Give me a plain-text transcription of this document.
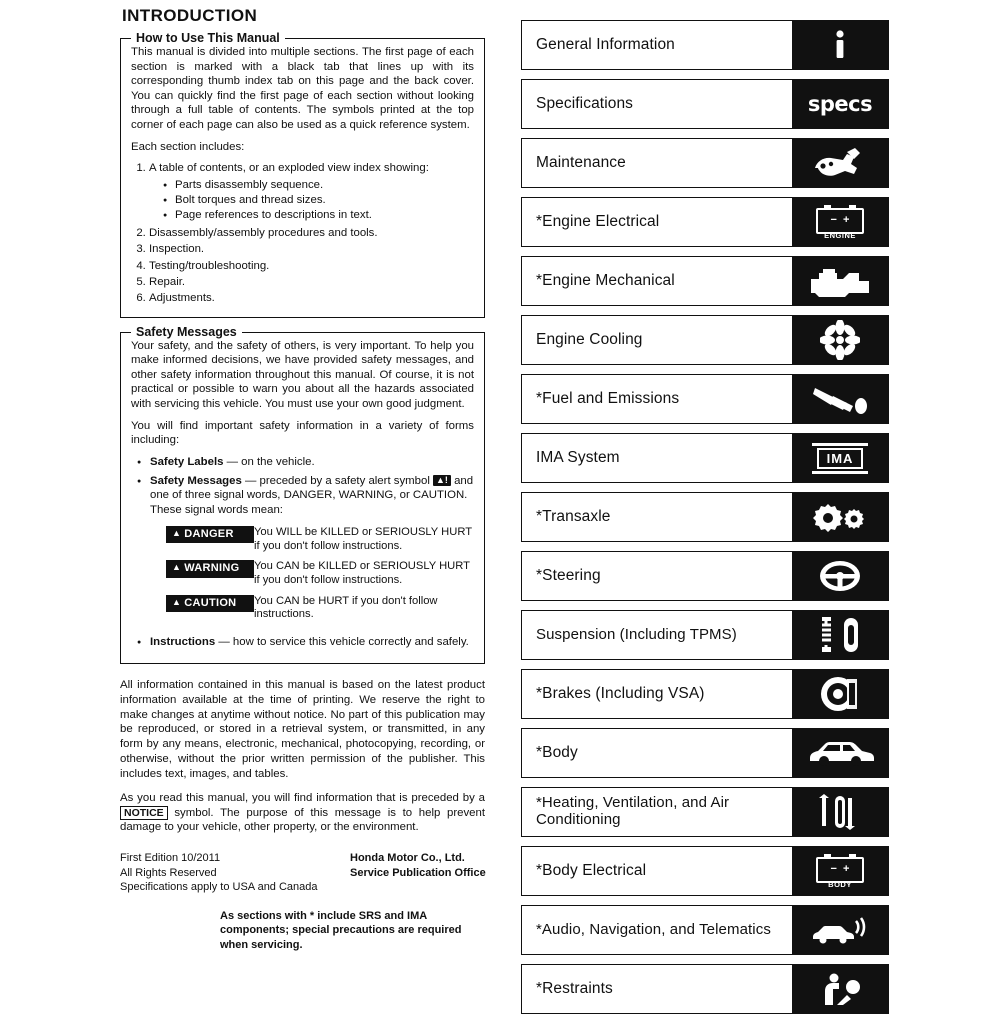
INTRODUCTION
How to Use This Manual

This manual is divided into multiple sections. The first page of each section is marked with a black tab that lines up with its corresponding thumb index tab on this page and the back cover. You can quickly find the first page of each section without looking through a full table of contents. The symbols printed at the top corner of each page can also be used as a quick reference system.

Each section includes:

1. A table of contents, or an exploded view index showing:
● Parts disassembly sequence.
● Bolt torques and thread sizes.
● Page references to descriptions in text.
2. Disassembly/assembly procedures and tools.
3. Inspection.
4. Testing/troubleshooting.
5. Repair.
6. Adjustments.
Safety Messages

Your safety, and the safety of others, is very important. To help you make informed decisions, we have provided safety messages, and other safety information throughout this manual. Of course, it is not practical or possible to warn you about all the hazards associated with servicing this vehicle. You must use your own good judgment.

You will find important safety information in a variety of forms including:

● Safety Labels — on the vehicle.
● Safety Messages — preceded by a safety alert symbol ▲! and one of three signal words, DANGER, WARNING, or CAUTION. These signal words mean:
▲ DANGER	You WILL be KILLED or SERIOUSLY HURT if you don't follow instructions.
▲ WARNING	You CAN be KILLED or SERIOUSLY HURT if you don't follow instructions.
▲ CAUTION	You CAN be HURT if you don't follow instructions.
● Instructions — how to service this vehicle correctly and safely.

All information contained in this manual is based on the latest product information available at the time of printing. We reserve the right to make changes at anytime without notice. No part of this publication may be reproduced, or stored in a retrieval system, or transmitted, in any form by any means, electronic, mechanical, photocopying, recording, or otherwise, without the prior written permission of the publisher. This includes text, images, and tables.

As you read this manual, you will find information that is preceded by a NOTICE symbol. The purpose of this message is to help prevent damage to your vehicle, other property, or the environment.

First Edition 10/2011
All Rights Reserved
Specifications apply to USA and Canada
Honda Motor Co., Ltd.
Service Publication Office
As sections with * include SRS and IMA components; special precautions are required when servicing.
General Information
Specifications	specs
Maintenance
*Engine Electrical	−  +
ENGINE
*Engine Mechanical
Engine Cooling
*Fuel and Emissions
IMA System	IMA
*Transaxle
*Steering
Suspension (Including TPMS)
*Brakes (Including VSA)
*Body
*Heating, Ventilation, and Air Conditioning
*Body Electrical	−  +
BODY
*Audio, Navigation, and Telematics
*Restraints
